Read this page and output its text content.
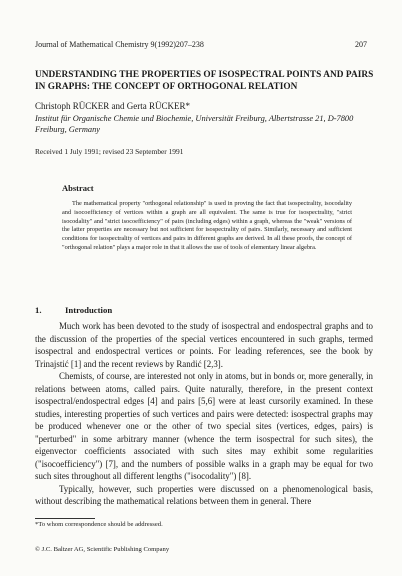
Journal of Mathematical Chemistry 9(1992)207–238	207
UNDERSTANDING THE PROPERTIES OF ISOSPECTRAL POINTS AND PAIRS IN GRAPHS: THE CONCEPT OF ORTHOGONAL RELATION

Christoph RÜCKER and Gerta RÜCKER*

Institut für Organische Chemie und Biochemie, Universität Freiburg, Albertstrasse 21, D-7800 Freiburg, Germany

Received 1 July 1991; revised 23 September 1991

Abstract

The mathematical property "orthogonal relationship" is used in proving the fact that isospectrality, isocodality and isocoefficiency of vertices within a graph are all equivalent. The same is true for isospectrality, "strict isocodality" and "strict isocoefficiency" of pairs (including edges) within a graph, whereas the "weak" versions of the latter properties are necessary but not sufficient for isospectrality of pairs. Similarly, necessary and sufficient conditions for isospectrality of vertices and pairs in different graphs are derived. In all these proofs, the concept of "orthogonal relation" plays a major role in that it allows the use of tools of elementary linear algebra.

1.	Introduction

Much work has been devoted to the study of isospectral and endospectral graphs and to the discussion of the properties of the special vertices encountered in such graphs, termed isospectral and endospectral vertices or points. For leading references, see the book by Trinajstić [1] and the recent reviews by Randić [2,3].

Chemists, of course, are interested not only in atoms, but in bonds or, more generally, in relations between atoms, called pairs. Quite naturally, therefore, in the present context isospectral/endospectral edges [4] and pairs [5,6] were at least cursorily examined. In these studies, interesting properties of such vertices and pairs were detected: isospectral graphs may be produced whenever one or the other of two special sites (vertices, edges, pairs) is "perturbed" in some arbitrary manner (whence the term isospectral for such sites), the eigenvector coefficients associated with such sites may exhibit some regularities ("isocoefficiency") [7], and the numbers of possible walks in a graph may be equal for two such sites throughout all different lengths ("isocodality") [8].

Typically, however, such properties were discussed on a phenomenological basis, without describing the mathematical relations between them in general. There

*To whom correspondence should be addressed.

© J.C. Baltzer AG, Scientific Publishing Company
